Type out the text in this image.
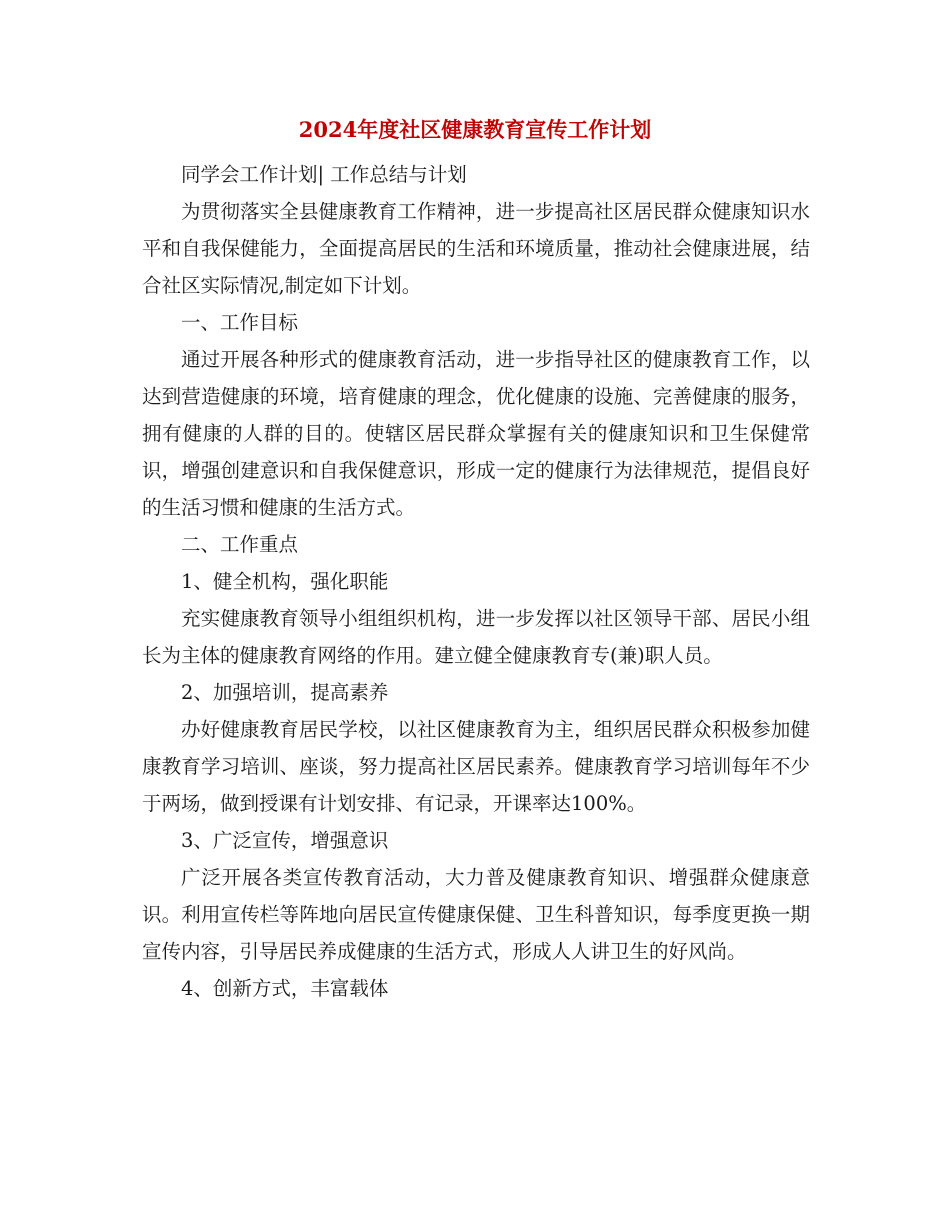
2024年度社区健康教育宣传工作计划

同学会工作计划| 工作总结与计划

为贯彻落实全县健康教育工作精神，进一步提高社区居民群众健康知识水平和自我保健能力，全面提高居民的生活和环境质量，推动社会健康进展，结合社区实际情况,制定如下计划。

一、工作目标

通过开展各种形式的健康教育活动，进一步指导社区的健康教育工作，以达到营造健康的环境，培育健康的理念，优化健康的设施、完善健康的服务，拥有健康的人群的目的。使辖区居民群众掌握有关的健康知识和卫生保健常识，增强创建意识和自我保健意识，形成一定的健康行为法律规范，提倡良好的生活习惯和健康的生活方式。

二、工作重点

1、健全机构，强化职能

充实健康教育领导小组组织机构，进一步发挥以社区领导干部、居民小组长为主体的健康教育网络的作用。建立健全健康教育专(兼)职人员。

2、加强培训，提高素养

办好健康教育居民学校，以社区健康教育为主，组织居民群众积极参加健康教育学习培训、座谈，努力提高社区居民素养。健康教育学习培训每年不少于两场，做到授课有计划安排、有记录，开课率达100%。

3、广泛宣传，增强意识

广泛开展各类宣传教育活动，大力普及健康教育知识、增强群众健康意识。利用宣传栏等阵地向居民宣传健康保健、卫生科普知识，每季度更换一期宣传内容，引导居民养成健康的生活方式，形成人人讲卫生的好风尚。

4、创新方式，丰富载体
